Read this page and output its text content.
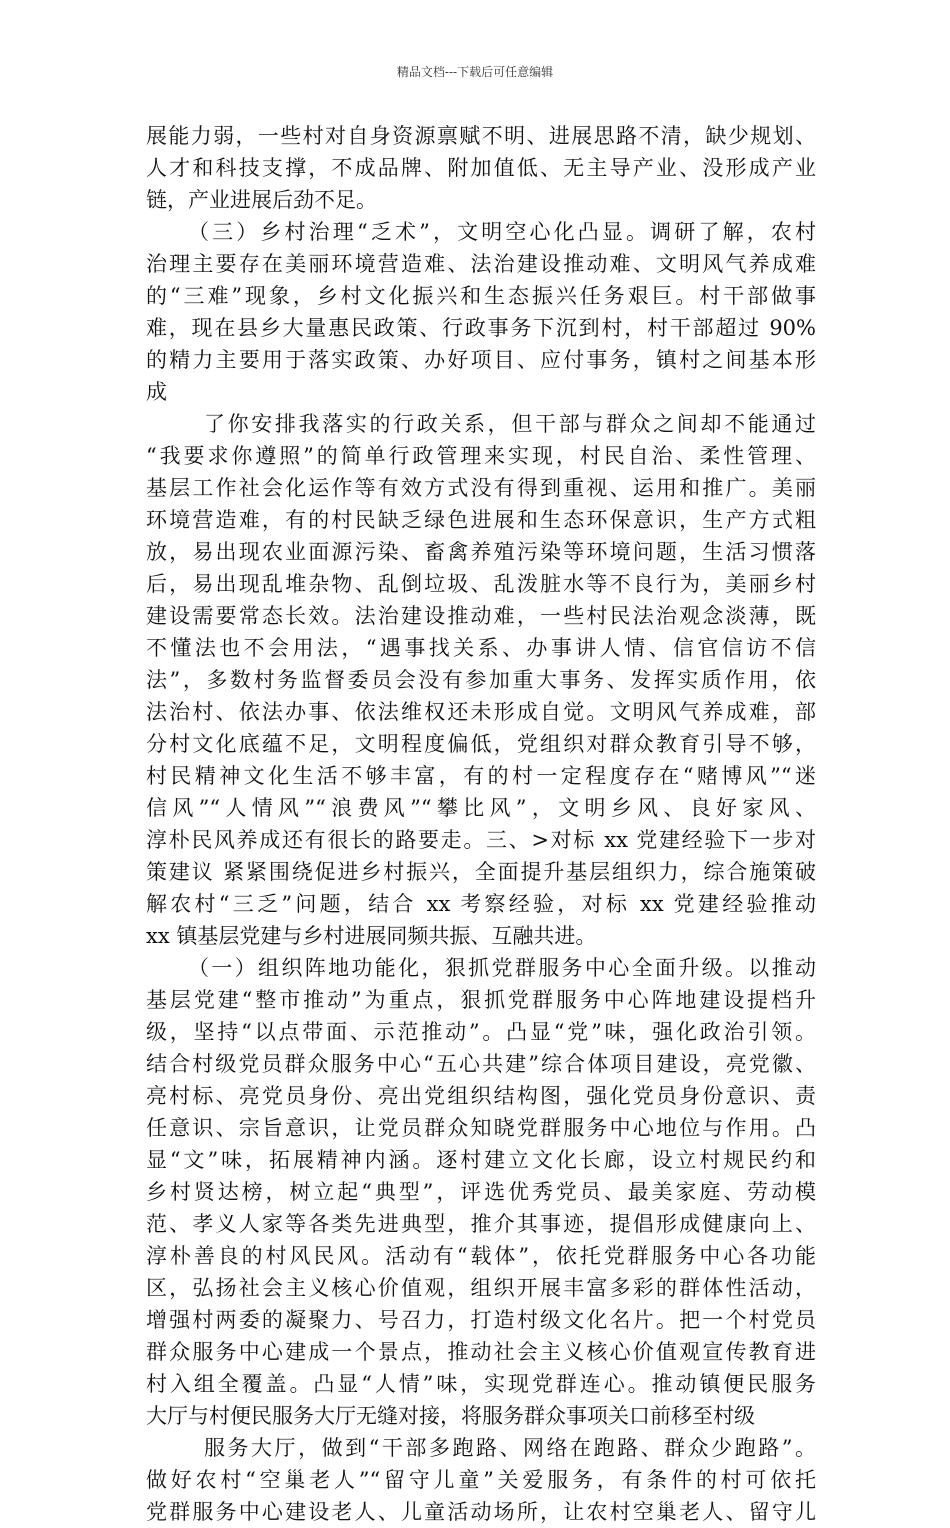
精品文档---下载后可任意编辑
展能力弱，一些村对自身资源禀赋不明、进展思路不清，缺少规划、
人才和科技支撑，不成品牌、附加值低、无主导产业、没形成产业
链，产业进展后劲不足。
（三）乡村治理“乏术”，文明空心化凸显。调研了解，农村
治理主要存在美丽环境营造难、法治建设推动难、文明风气养成难
的“三难”现象，乡村文化振兴和生态振兴任务艰巨。村干部做事
难，现在县乡大量惠民政策、行政事务下沉到村，村干部超过 90%
的精力主要用于落实政策、办好项目、应付事务，镇村之间基本形
成
了你安排我落实的行政关系，但干部与群众之间却不能通过
“我要求你遵照”的简单行政管理来实现，村民自治、柔性管理、
基层工作社会化运作等有效方式没有得到重视、运用和推广。美丽
环境营造难，有的村民缺乏绿色进展和生态环保意识，生产方式粗
放，易出现农业面源污染、畜禽养殖污染等环境问题，生活习惯落
后，易出现乱堆杂物、乱倒垃圾、乱泼脏水等不良行为，美丽乡村
建设需要常态长效。法治建设推动难，一些村民法治观念淡薄，既
不懂法也不会用法，“遇事找关系、办事讲人情、信官信访不信
法”，多数村务监督委员会没有参加重大事务、发挥实质作用，依
法治村、依法办事、依法维权还未形成自觉。文明风气养成难，部
分村文化底蕴不足，文明程度偏低，党组织对群众教育引导不够，
村民精神文化生活不够丰富，有的村一定程度存在“赌博风”“迷
信风”“人情风”“浪费风”“攀比风”，文明乡风、良好家风、
淳朴民风养成还有很长的路要走。三、>对标 xx 党建经验下一步对
策建议 紧紧围绕促进乡村振兴，全面提升基层组织力，综合施策破
解农村“三乏”问题，结合 xx 考察经验，对标 xx 党建经验推动
xx 镇基层党建与乡村进展同频共振、互融共进。
（一）组织阵地功能化，狠抓党群服务中心全面升级。以推动
基层党建“整市推动”为重点，狠抓党群服务中心阵地建设提档升
级，坚持“以点带面、示范推动”。凸显“党”味，强化政治引领。
结合村级党员群众服务中心“五心共建”综合体项目建设，亮党徽、
亮村标、亮党员身份、亮出党组织结构图，强化党员身份意识、责
任意识、宗旨意识，让党员群众知晓党群服务中心地位与作用。凸
显“文”味，拓展精神内涵。逐村建立文化长廊，设立村规民约和
乡村贤达榜，树立起“典型”，评选优秀党员、最美家庭、劳动模
范、孝义人家等各类先进典型，推介其事迹，提倡形成健康向上、
淳朴善良的村风民风。活动有“载体”，依托党群服务中心各功能
区，弘扬社会主义核心价值观，组织开展丰富多彩的群体性活动，
增强村两委的凝聚力、号召力，打造村级文化名片。把一个村党员
群众服务中心建成一个景点，推动社会主义核心价值观宣传教育进
村入组全覆盖。凸显“人情”味，实现党群连心。推动镇便民服务
大厅与村便民服务大厅无缝对接，将服务群众事项关口前移至村级
服务大厅，做到“干部多跑路、网络在跑路、群众少跑路”。
做好农村“空巢老人”“留守儿童”关爱服务，有条件的村可依托
党群服务中心建设老人、儿童活动场所，让农村空巢老人、留守儿
